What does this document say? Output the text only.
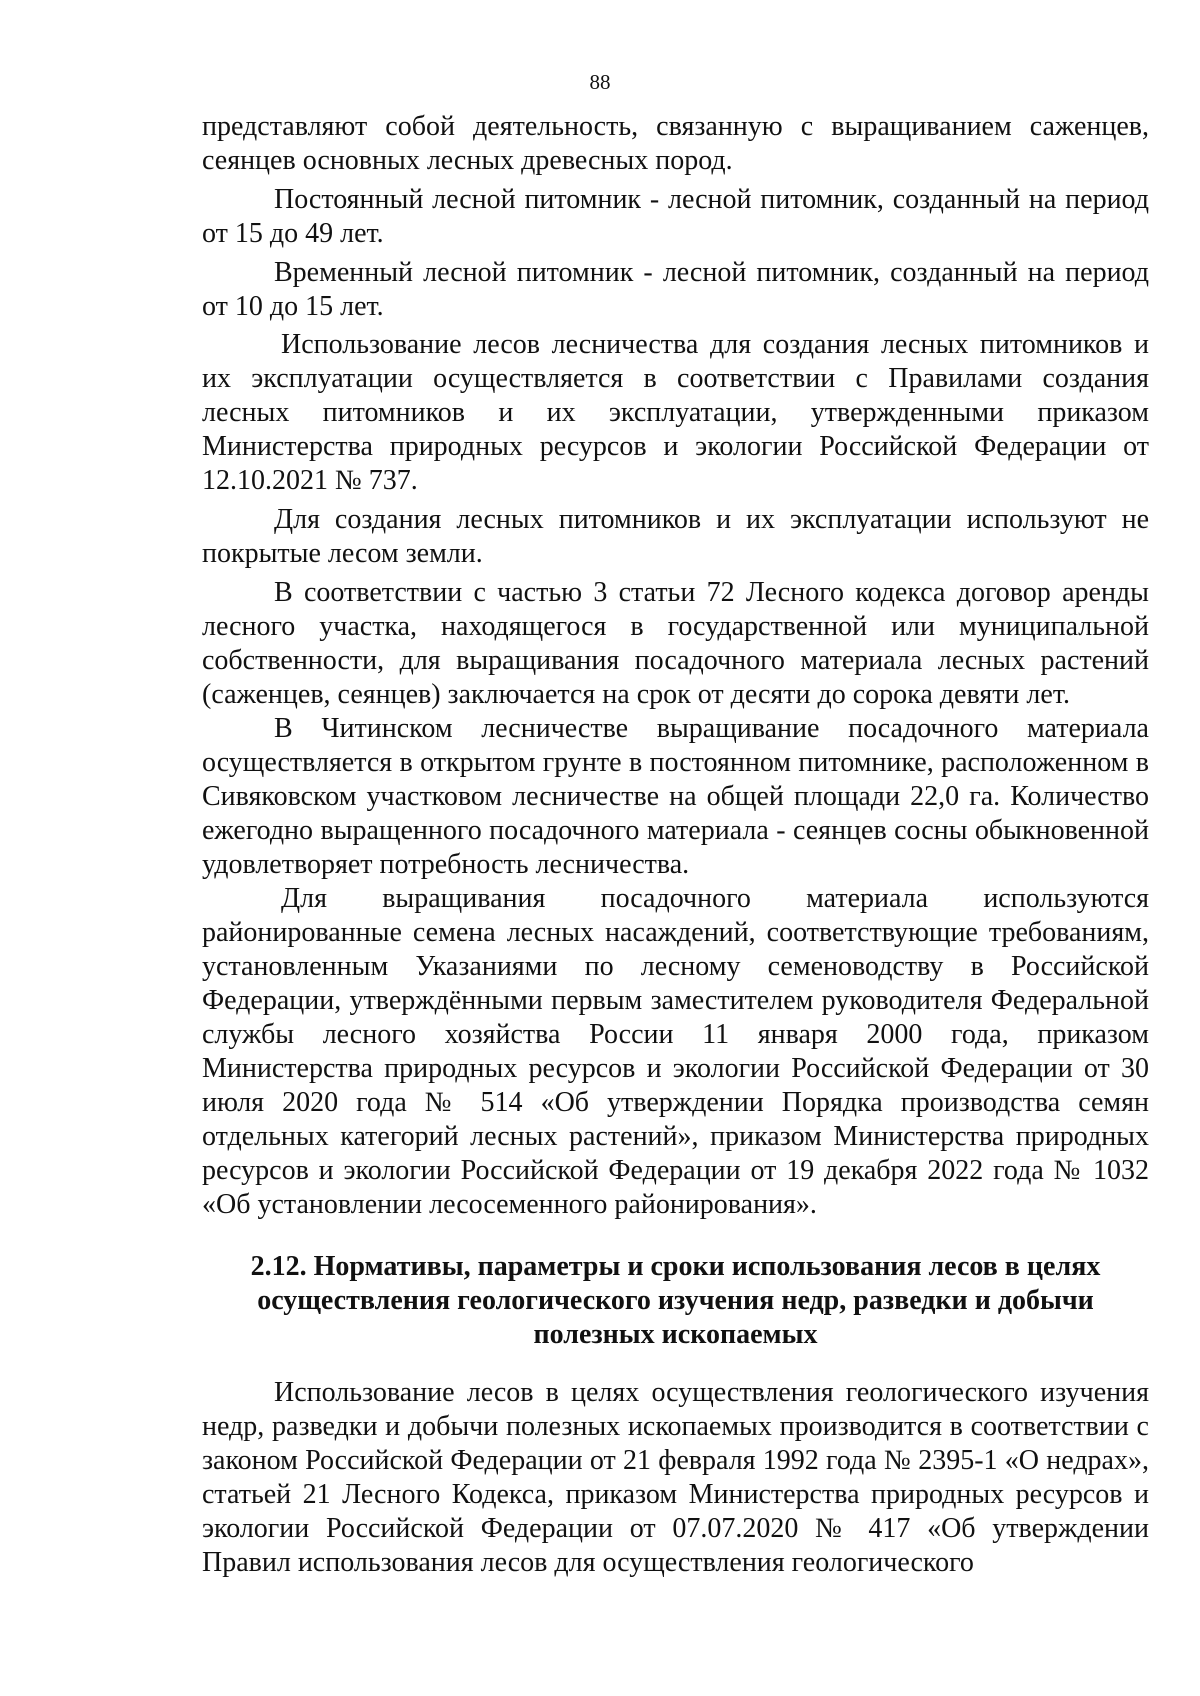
88

представляют собой деятельность, связанную с выращиванием саженцев, сеянцев основных лесных древесных пород.

Постоянный лесной питомник - лесной питомник, созданный на период от 15 до 49 лет.

Временный лесной питомник - лесной питомник, созданный на период от 10 до 15 лет.

Использование лесов лесничества для создания лесных питомников и их эксплуатации осуществляется в соответствии с Правилами создания лесных питомников и их эксплуатации, утвержденными приказом Министерства природных ресурсов и экологии Российской Федерации от 12.10.2021 № 737.

Для создания лесных питомников и их эксплуатации используют не покрытые лесом земли.

В соответствии с частью 3 статьи 72 Лесного кодекса договор аренды лесного участка, находящегося в государственной или муниципальной собственности, для выращивания посадочного материала лесных растений (саженцев, сеянцев) заключается на срок от десяти до сорока девяти лет.

В Читинском лесничестве выращивание посадочного материала осуществляется в открытом грунте в постоянном питомнике, расположенном в Сивяковском участковом лесничестве на общей площади 22,0 га. Количество ежегодно выращенного посадочного материала - сеянцев сосны обыкновенной удовлетворяет потребность лесничества.

Для выращивания посадочного материала используются районированные семена лесных насаждений, соответствующие требованиям, установленным Указаниями по лесному семеноводству в Российской Федерации, утверждёнными первым заместителем руководителя Федеральной службы лесного хозяйства России 11 января 2000 года, приказом Министерства природных ресурсов и экологии Российской Федерации от 30 июля 2020 года № 514 «Об утверждении Порядка производства семян отдельных категорий лесных растений», приказом Министерства природных ресурсов и экологии Российской Федерации от 19 декабря 2022 года № 1032 «Об установлении лесосеменного районирования».

2.12. Нормативы, параметры и сроки использования лесов в целях
осуществления геологического изучения недр, разведки и добычи
полезных ископаемых

Использование лесов в целях осуществления геологического изучения недр, разведки и добычи полезных ископаемых производится в соответствии с законом Российской Федерации от 21 февраля 1992 года № 2395-1 «О недрах», статьей 21 Лесного Кодекса, приказом Министерства природных ресурсов и экологии Российской Федерации от 07.07.2020 № 417 «Об утверждении Правил использования лесов для осуществления геологического
